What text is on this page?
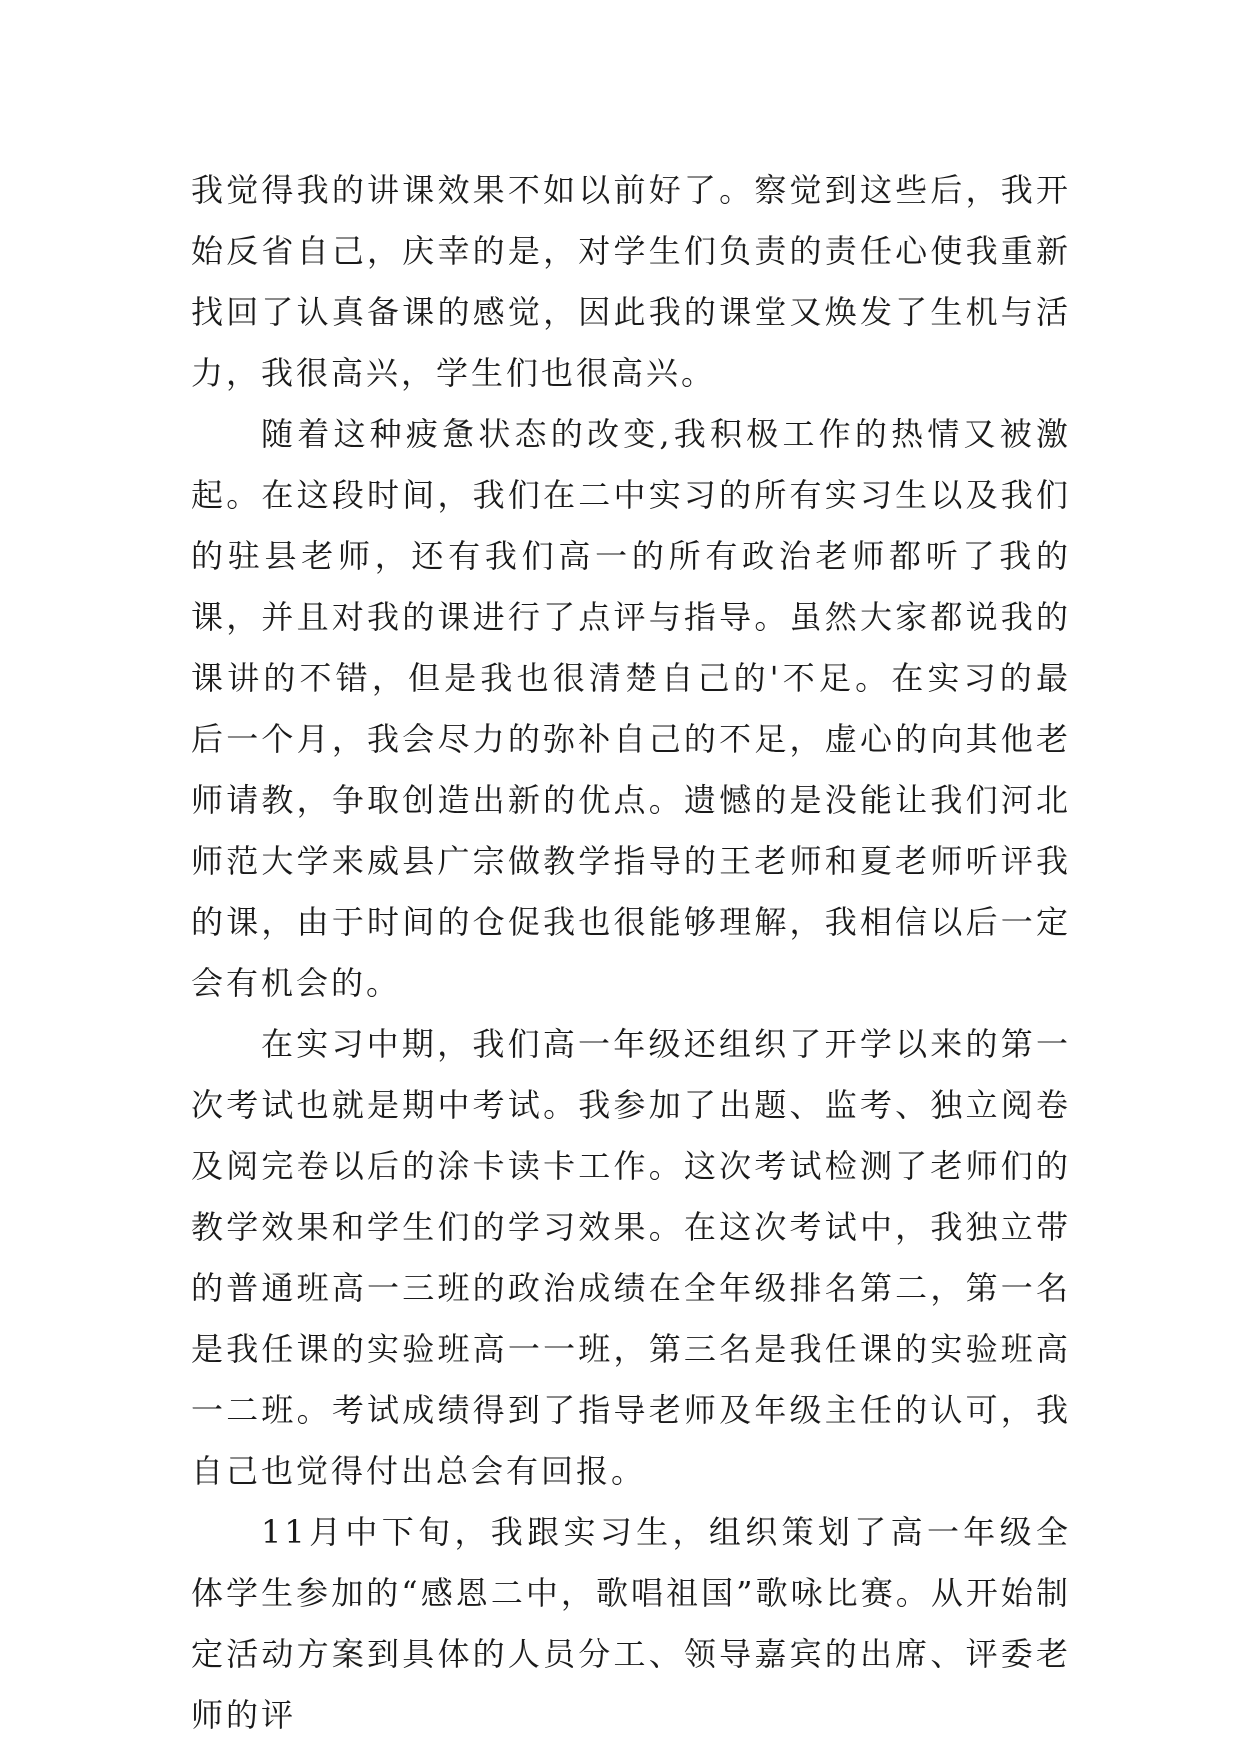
我觉得我的讲课效果不如以前好了。察觉到这些后，我开始反省自己，庆幸的是，对学生们负责的责任心使我重新找回了认真备课的感觉，因此我的课堂又焕发了生机与活力，我很高兴，学生们也很高兴。

随着这种疲惫状态的改变,我积极工作的热情又被激起。在这段时间，我们在二中实习的所有实习生以及我们的驻县老师，还有我们高一的所有政治老师都听了我的课，并且对我的课进行了点评与指导。虽然大家都说我的课讲的不错，但是我也很清楚自己的'不足。在实习的最后一个月，我会尽力的弥补自己的不足，虚心的向其他老师请教，争取创造出新的优点。遗憾的是没能让我们河北师范大学来威县广宗做教学指导的王老师和夏老师听评我的课，由于时间的仓促我也很能够理解，我相信以后一定会有机会的。

在实习中期，我们高一年级还组织了开学以来的第一次考试也就是期中考试。我参加了出题、监考、独立阅卷及阅完卷以后的涂卡读卡工作。这次考试检测了老师们的教学效果和学生们的学习效果。在这次考试中，我独立带的普通班高一三班的政治成绩在全年级排名第二，第一名是我任课的实验班高一一班，第三名是我任课的实验班高一二班。考试成绩得到了指导老师及年级主任的认可，我自己也觉得付出总会有回报。

11月中下旬，我跟实习生，组织策划了高一年级全体学生参加的“感恩二中，歌唱祖国”歌咏比赛。从开始制定活动方案到具体的人员分工、领导嘉宾的出席、评委老师的评
